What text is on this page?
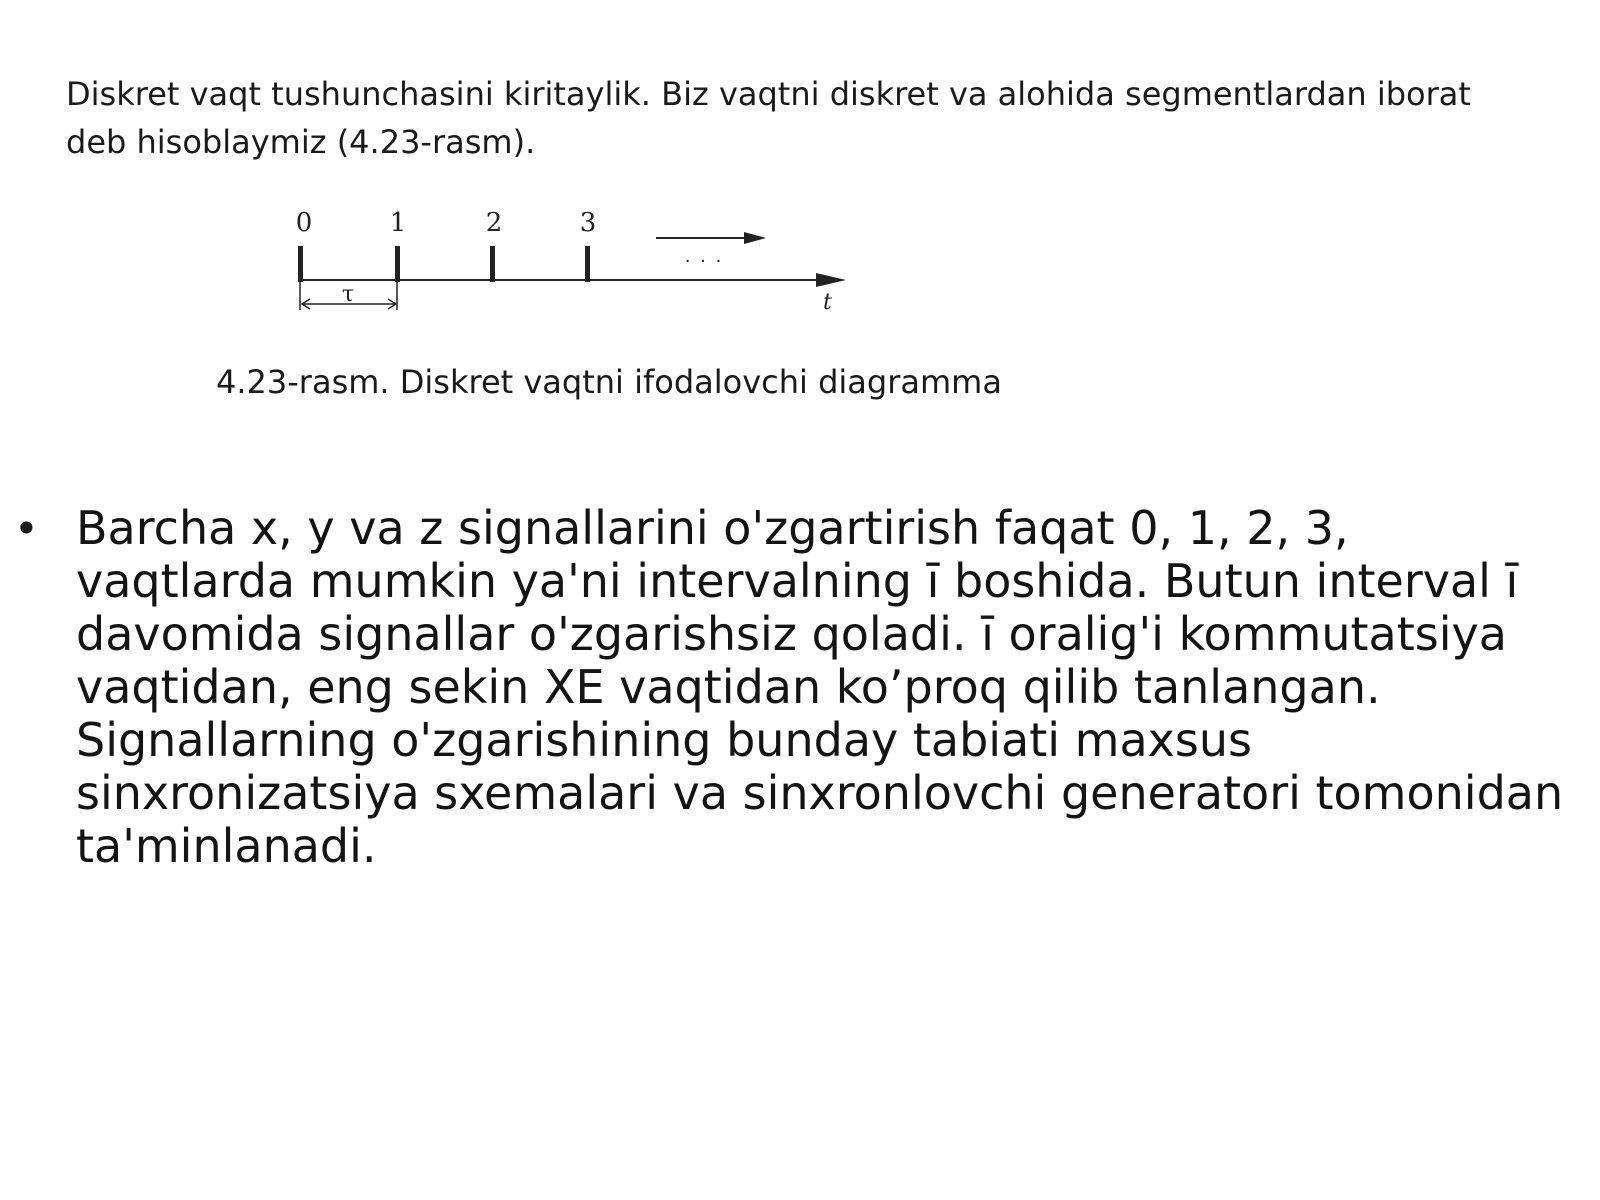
Diskret vaqt tushunchasini kiritaylik. Biz vaqtni diskret va alohida segmentlardan iborat deb hisoblaymiz (4.23-rasm).

0	1	2	3
t
. . .
τ
4.23-rasm. Diskret vaqtni ifodalovchi diagramma
• Barcha x, y va z signallarini o'zgartirish faqat 0, 1, 2, 3, vaqtlarda mumkin ya'ni intervalning ī boshida. Butun interval ī davomida signallar o'zgarishsiz qoladi. ī oralig'i kommutatsiya vaqtidan, eng sekin XE vaqtidan ko’proq qilib tanlangan. Signallarning o'zgarishining bunday tabiati maxsus sinxronizatsiya sxemalari va sinxronlovchi generatori tomonidan ta'minlanadi.
